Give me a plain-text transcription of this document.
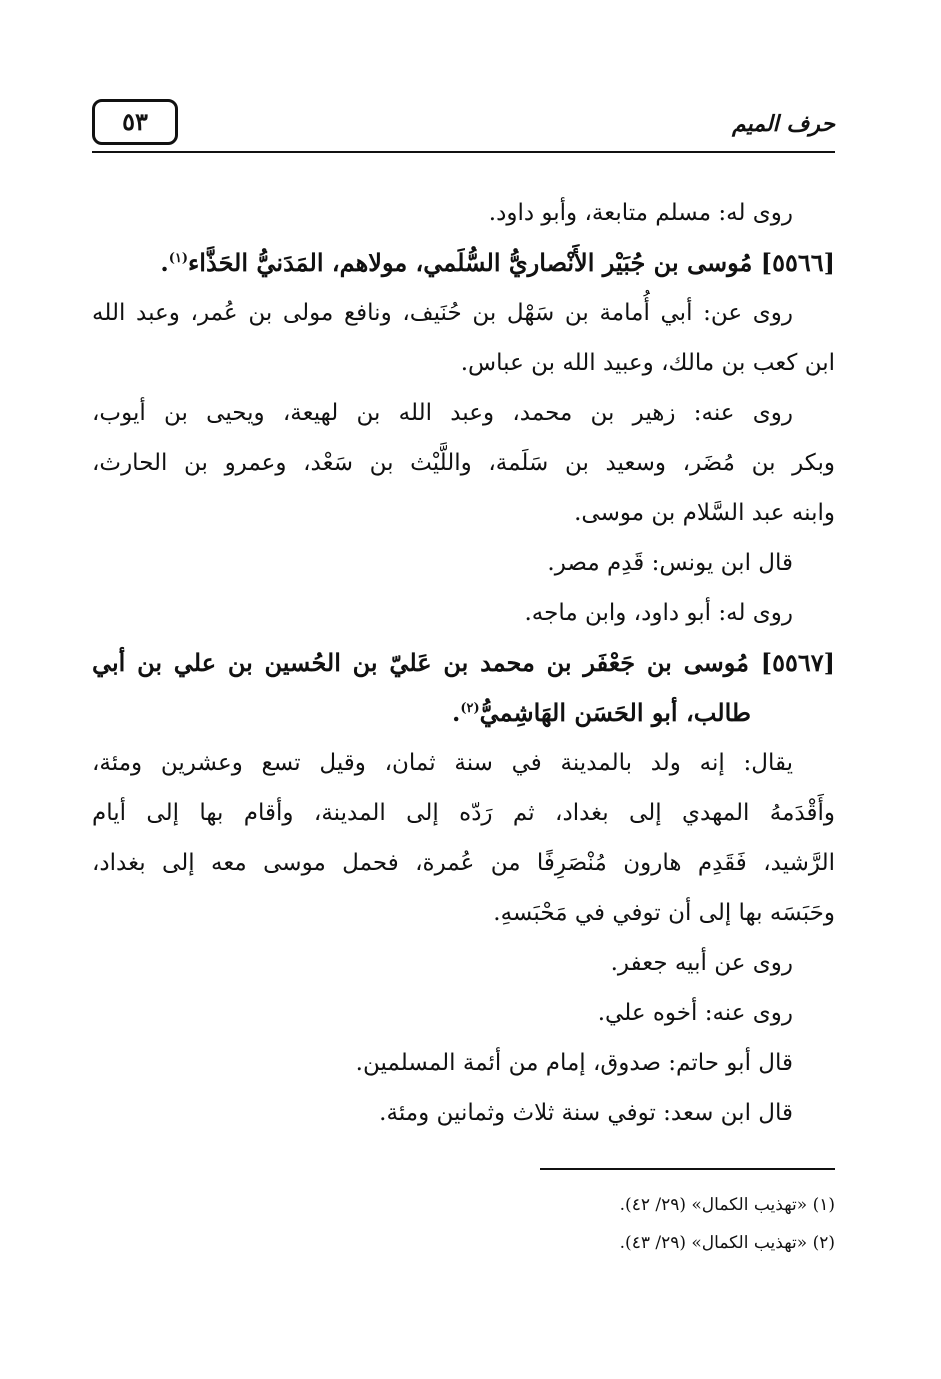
٥٣	حرف الميم
روى له: مسلم متابعة، وأبو داود.
[٥٥٦٦] مُوسى بن جُبَيْر الأَنْصاريُّ السُّلَمي، مولاهم، المَدَنيُّ الحَذَّاء$^{(١)}$.
روى عن: أبي أُمامة بن سَهْل بن حُنَيف، ونافع مولى بن عُمر، وعبد الله
ابن كعب بن مالك، وعبيد الله بن عباس.
روى عنه: زهير بن محمد، وعبد الله بن لهيعة، ويحيى بن أيوب،
وبكر بن مُضَر، وسعيد بن سَلَمة، واللَّيْث بن سَعْد، وعمرو بن الحارث،
وابنه عبد السَّلام بن موسى.
قال ابن يونس: قَدِم مصر.
روى له: أبو داود، وابن ماجه.
[٥٥٦٧] مُوسى بن جَعْفَر بن محمد بن عَليّ بن الحُسين بن علي بن أبي
طالب، أبو الحَسَن الهَاشِميُّ$^{(٢)}$.
يقال: إنه ولد بالمدينة في سنة ثمان، وقيل تسع وعشرين ومئة،
وأَقْدَمهُ المهدي إلى بغداد، ثم رَدّه إلى المدينة، وأقام بها إلى أيام
الرَّشيد، فَقَدِم هارون مُنْصَرِفًا من عُمرة، فحمل موسى معه إلى بغداد،
وحَبَسَه بها إلى أن توفي في مَحْبَسهِ.
روى عن أبيه جعفر.
روى عنه: أخوه علي.
قال أبو حاتم: صدوق، إمام من أئمة المسلمين.
قال ابن سعد: توفي سنة ثلاث وثمانين ومئة.
(١) «تهذيب الكمال» (٢٩/ ٤٢).
(٢) «تهذيب الكمال» (٢٩/ ٤٣).
